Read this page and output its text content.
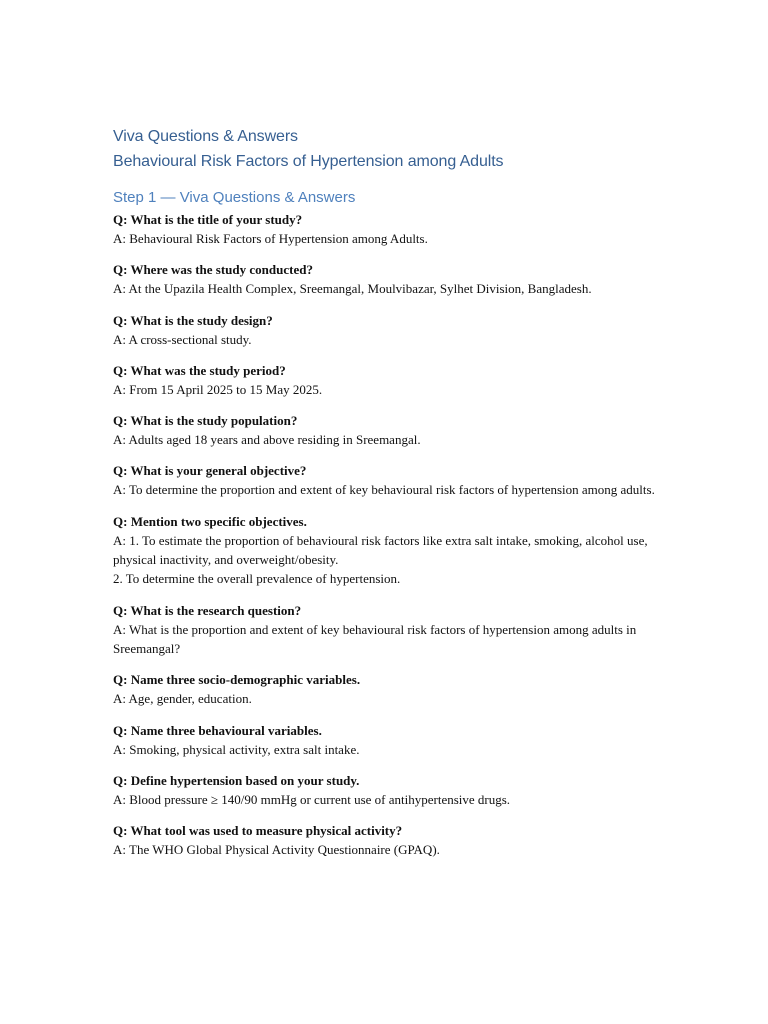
Viva Questions & Answers
Behavioural Risk Factors of Hypertension among Adults
Step 1 — Viva Questions & Answers

Q: What is the title of your study?

A: Behavioural Risk Factors of Hypertension among Adults.

Q: Where was the study conducted?

A: At the Upazila Health Complex, Sreemangal, Moulvibazar, Sylhet Division, Bangladesh.

Q: What is the study design?

A: A cross-sectional study.

Q: What was the study period?

A: From 15 April 2025 to 15 May 2025.

Q: What is the study population?

A: Adults aged 18 years and above residing in Sreemangal.

Q: What is your general objective?

A: To determine the proportion and extent of key behavioural risk factors of hypertension among adults.

Q: Mention two specific objectives.

A: 1. To estimate the proportion of behavioural risk factors like extra salt intake, smoking, alcohol use, physical inactivity, and overweight/obesity.
2. To determine the overall prevalence of hypertension.

Q: What is the research question?

A: What is the proportion and extent of key behavioural risk factors of hypertension among adults in Sreemangal?

Q: Name three socio-demographic variables.

A: Age, gender, education.

Q: Name three behavioural variables.

A: Smoking, physical activity, extra salt intake.

Q: Define hypertension based on your study.

A: Blood pressure ≥ 140/90 mmHg or current use of antihypertensive drugs.

Q: What tool was used to measure physical activity?

A: The WHO Global Physical Activity Questionnaire (GPAQ).
